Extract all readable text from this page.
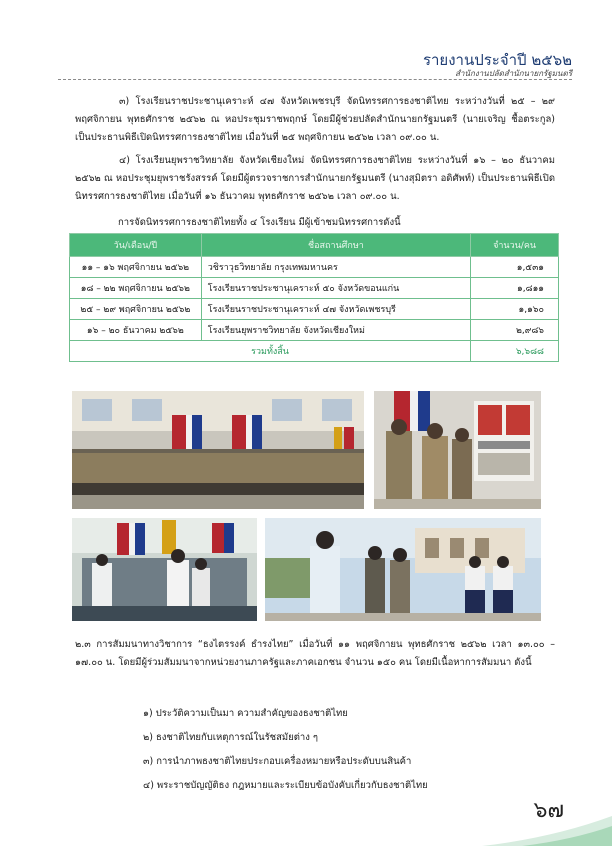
รายงานประจำปี ๒๕๖๒
สำนักงานปลัดสำนักนายกรัฐมนตรี
๓) โรงเรียนราชประชานุเคราะห์ ๔๗ จังหวัดเพชรบุรี จัดนิทรรศการธงชาติไทย ระหว่างวันที่ ๒๕ – ๒๙ พฤศจิกายน พุทธศักราช ๒๕๖๒ ณ หอประชุมราชพฤกษ์ โดยมีผู้ช่วยปลัดสำนักนายกรัฐมนตรี (นายเจริญ ชื้อตระกูล) เป็นประธานพิธีเปิดนิทรรศการธงชาติไทย เมื่อวันที่ ๒๕ พฤศจิกายน ๒๕๖๒ เวลา ๐๙.๐๐ น.
๔) โรงเรียนยุพราชวิทยาลัย จังหวัดเชียงใหม่ จัดนิทรรศการธงชาติไทย ระหว่างวันที่ ๑๖ – ๒๐ ธันวาคม ๒๕๖๒ ณ หอประชุมยุพราชรังสรรค์ โดยมีผู้ตรวจราชการสำนักนายกรัฐมนตรี (นางสุมิตรา อดิศัพท์) เป็นประธานพิธีเปิดนิทรรศการธงชาติไทย เมื่อวันที่ ๑๖ ธันวาคม พุทธศักราช ๒๕๖๒ เวลา ๐๙.๐๐ น.
การจัดนิทรรศการธงชาติไทยทั้ง ๔ โรงเรียน มีผู้เข้าชมนิทรรศการดังนี้
วัน/เดือน/ปี	ชื่อสถานศึกษา	จำนวน/คน
๑๑ – ๑๖ พฤศจิกายน ๒๕๖๒	วชิราวุธวิทยาลัย กรุงเทพมหานคร	๑,๕๓๑
๑๘ – ๒๒ พฤศจิกายน ๒๕๖๒	โรงเรียนราชประชานุเคราะห์ ๕๐ จังหวัดขอนแก่น	๑,๘๑๑
๒๕ – ๒๙ พฤศจิกายน ๒๕๖๒	โรงเรียนราชประชานุเคราะห์ ๔๗ จังหวัดเพชรบุรี	๑,๑๖๐
๑๖ – ๒๐ ธันวาคม ๒๕๖๒	โรงเรียนยุพราชวิทยาลัย จังหวัดเชียงใหม่	๒,๙๘๖
รวมทั้งสิ้น		๖,๖๘๘
๒.๓ การสัมมนาทางวิชาการ “ธงไตรรงค์ ธำรงไทย” เมื่อวันที่ ๑๑ พฤศจิกายน พุทธศักราช ๒๕๖๒ เวลา ๑๓.๐๐ – ๑๗.๐๐ น. โดยมีผู้ร่วมสัมมนาจากหน่วยงานภาครัฐและภาคเอกชน จำนวน ๑๕๐ คน โดยมีเนื้อหาการสัมมนา ดังนี้
๑) ประวัติความเป็นมา ความสำคัญของธงชาติไทย
๒) ธงชาติไทยกับเหตุการณ์ในรัชสมัยต่าง ๆ
๓) การนำภาพธงชาติไทยประกอบเครื่องหมายหรือประดับบนสินค้า
๔) พระราชบัญญัติธง กฎหมายและระเบียบข้อบังคับเกี่ยวกับธงชาติไทย
๖๗
